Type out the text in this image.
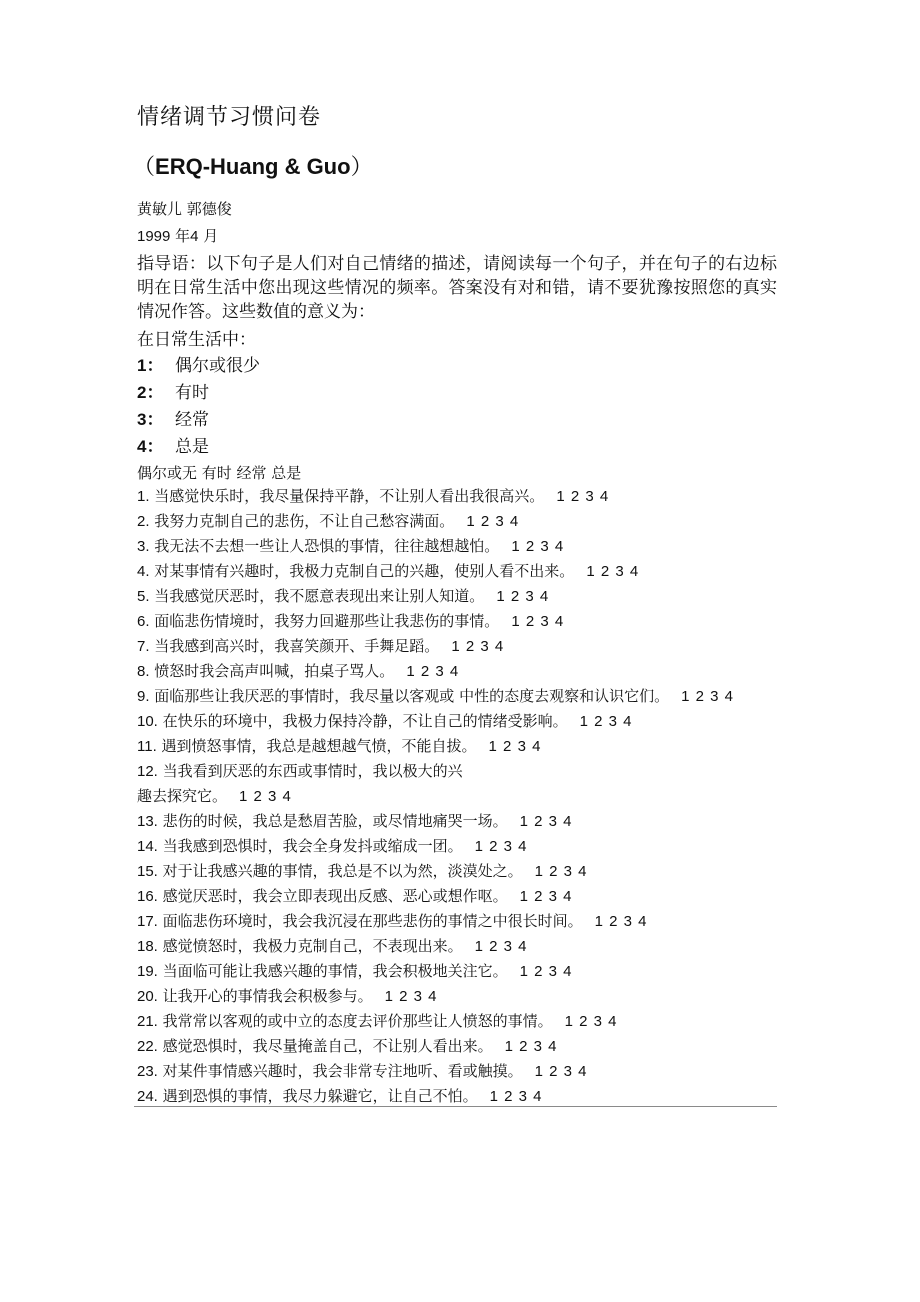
情绪调节习惯问卷
（ERQ-Huang & Guo）
黄敏儿 郭德俊
1999 年4 月
指导语：以下句子是人们对自己情绪的描述，请阅读每一个句子，并在句子的右边标明在日常生活中您出现这些情况的频率。答案没有对和错，请不要犹豫按照您的真实情况作答。这些数值的意义为：
在日常生活中：
1： 偶尔或很少
2： 有时
3： 经常
4： 总是
偶尔或无 有时 经常 总是
1. 当感觉快乐时，我尽量保持平静，不让别人看出我很高兴。 1 2 3 4
2. 我努力克制自己的悲伤，不让自己愁容满面。 1 2 3 4
3. 我无法不去想一些让人恐惧的事情，往往越想越怕。 1 2 3 4
4. 对某事情有兴趣时，我极力克制自己的兴趣，使别人看不出来。 1 2 3 4
5. 当我感觉厌恶时，我不愿意表现出来让别人知道。 1 2 3 4
6. 面临悲伤情境时，我努力回避那些让我悲伤的事情。 1 2 3 4
7. 当我感到高兴时，我喜笑颜开、手舞足蹈。 1 2 3 4
8. 愤怒时我会高声叫喊，拍桌子骂人。 1 2 3 4
9. 面临那些让我厌恶的事情时，我尽量以客观或 中性的态度去观察和认识它们。 1 2 3 4
10. 在快乐的环境中，我极力保持冷静，不让自己的情绪受影响。 1 2 3 4
11. 遇到愤怒事情，我总是越想越气愤，不能自拔。 1 2 3 4
12. 当我看到厌恶的东西或事情时，我以极大的兴
趣去探究它。 1 2 3 4
13. 悲伤的时候，我总是愁眉苦脸，或尽情地痛哭一场。 1 2 3 4
14. 当我感到恐惧时，我会全身发抖或缩成一团。 1 2 3 4
15. 对于让我感兴趣的事情，我总是不以为然，淡漠处之。 1 2 3 4
16. 感觉厌恶时，我会立即表现出反感、恶心或想作呕。 1 2 3 4
17. 面临悲伤环境时，我会我沉浸在那些悲伤的事情之中很长时间。 1 2 3 4
18. 感觉愤怒时，我极力克制自己，不表现出来。 1 2 3 4
19. 当面临可能让我感兴趣的事情，我会积极地关注它。 1 2 3 4
20. 让我开心的事情我会积极参与。 1 2 3 4
21. 我常常以客观的或中立的态度去评价那些让人愤怒的事情。 1 2 3 4
22. 感觉恐惧时，我尽量掩盖自己，不让别人看出来。 1 2 3 4
23. 对某件事情感兴趣时，我会非常专注地听、看或触摸。 1 2 3 4
24. 遇到恐惧的事情，我尽力躲避它，让自己不怕。 1 2 3 4
